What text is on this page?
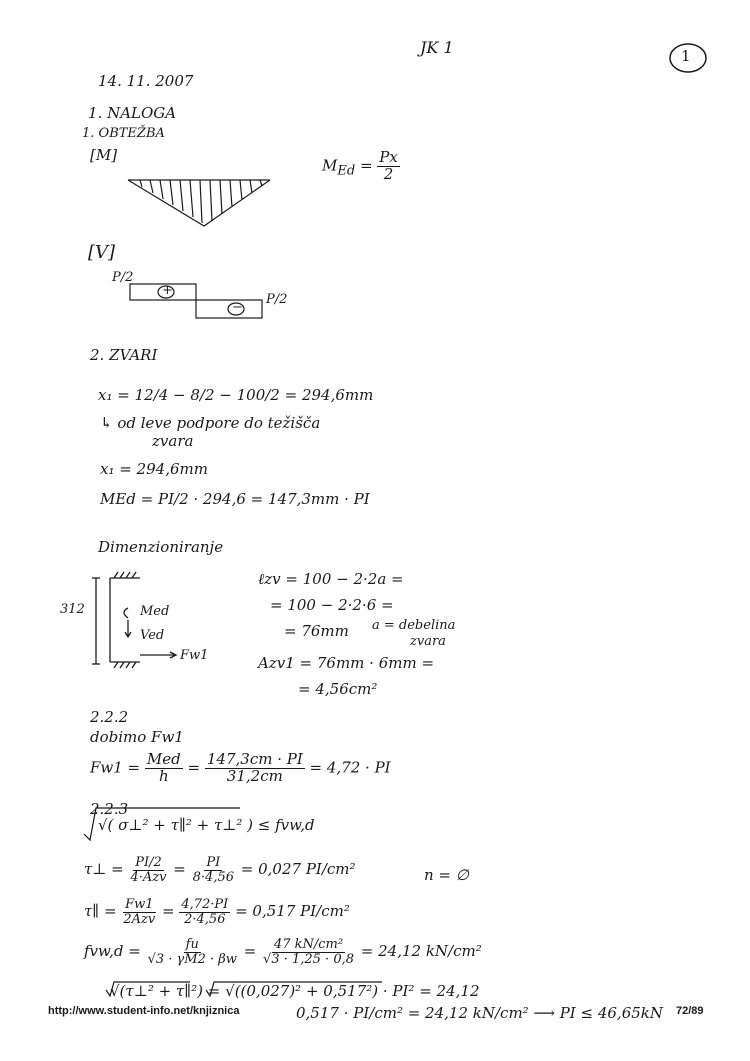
JK 1	1
14. 11. 2007
1. NALOGA
1. OBTEŽBA
[M]
$M_{Ed} = \frac{Px}{2}$
[V]
P/2
P/2
+
−
2. ZVARI
x₁ = 12/4 − 8/2 − 100/2 = 294,6mm
↳ od leve podpore do težišča
zvara
x₁ = 294,6mm
MEd = PI/2 · 294,6 = 147,3mm · PI
Dimenzioniranje
312	Med
Ved
Fw1
ℓzv = 100 − 2·2a =
= 100 − 2·2·6 =
= 76mm a = debelina
zvara
Azv1 = 76mm · 6mm =
= 4,56cm²
2.2.2
dobimo Fw1
$Fw1 = \frac{\text{Med}}{h} = \frac{147,3cm \cdot PI}{31,2cm} = 4,72$ · PI
2.2.3
√( σ⊥² + τ∥² + τ⊥² ) ≤ fvw,d
τ⊥ = $\frac{PI/2}{\text{4·Azv}} = \frac{PI}{8\cdot 4,56} = 0,027$ PI/cm²	n = ∅
τ∥ = $\frac{Fw1}{\text{2Azv}} = \frac{4,72\cdot PI}{2\cdot 4,56} = 0,517$ PI/cm²
$fvw,d = \frac{fu}{√3 \cdot \gamma M2 \cdot \beta w} = \frac{\text{47 kN/cm²}}{√3 \cdot 1,25 \cdot 0,8} = 24,12$ kN/cm²
√(τ⊥² + τ∥²) = √((0,027)² + 0,517²) · PI² = 24,12
0,517 · PI/cm² = 24,12 kN/cm² ⟶ PI ≤ 46,65kN
http://www.student-info.net/knjiznica	72/89
